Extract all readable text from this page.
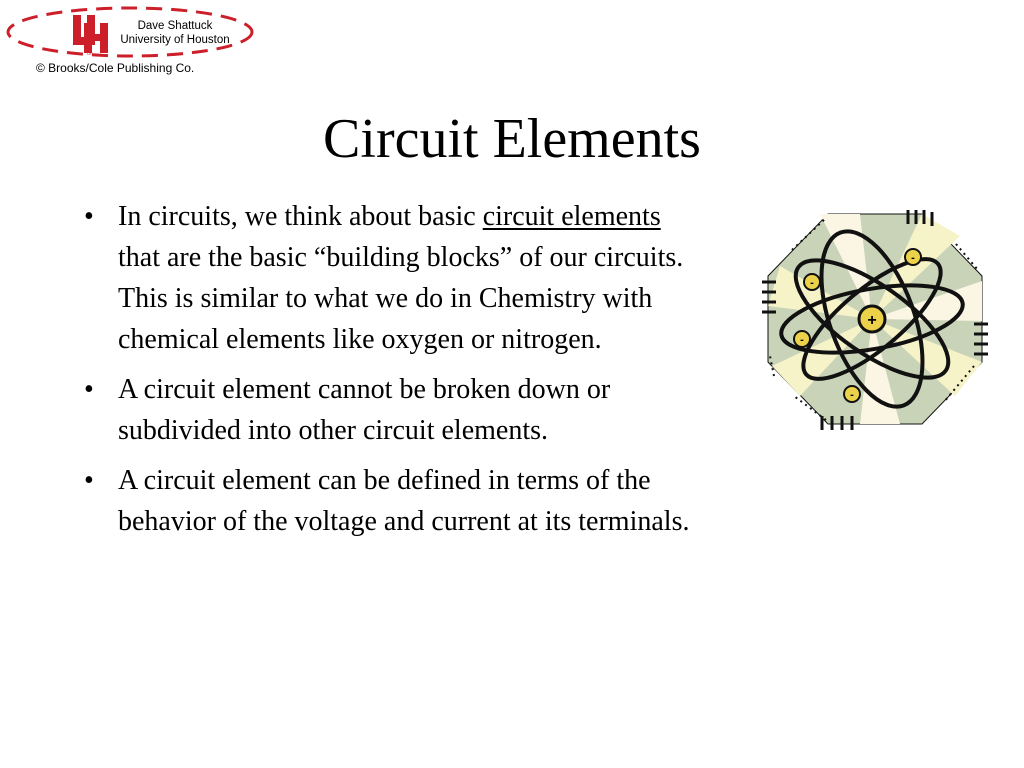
UH
Dave Shattuck
University of Houston
© Brooks/Cole Publishing Co.
Circuit Elements
• In circuits, we think about basic circuit elements that are the basic “building blocks” of our circuits. This is similar to what we do in Chemistry with chemical elements like oxygen or nitrogen.
• A circuit element cannot be broken down or subdivided into other circuit elements.
• A circuit element can be defined in terms of the behavior of the voltage and current at its terminals.
-
-
-
-
+
